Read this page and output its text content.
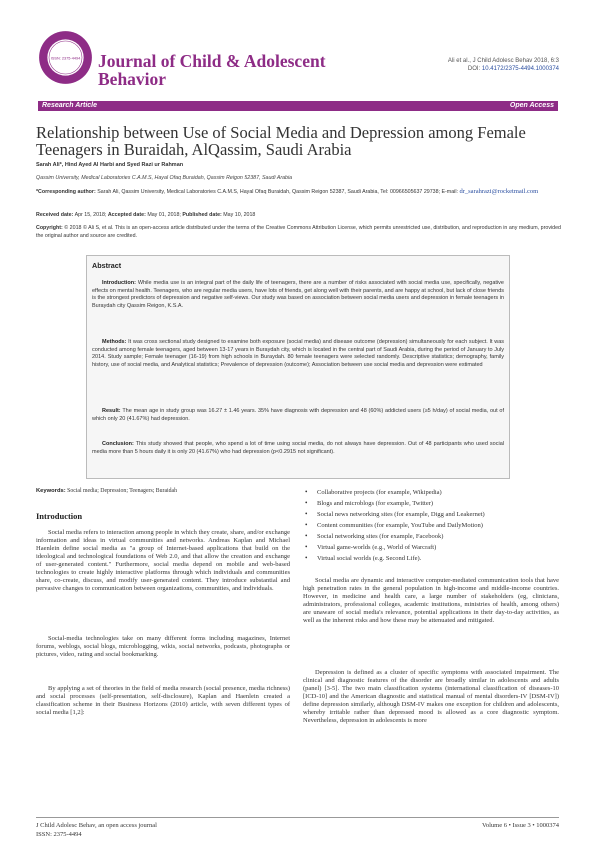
ISSN: 2375-4494 Journal of Child & Adolescent
Behavior
Ali et al., J Child Adolesc Behav 2018, 6:3
DOI: 10.4172/2375-4494.1000374
Research Article	Open Access
Relationship between Use of Social Media and Depression among Female Teenagers in Buraidah, AlQassim, Saudi Arabia
Sarah Ali*, Hind Ayed Al Harbi and Syed Razi ur Rahman
Qassim University, Medical Laboratories C.A.M.S, Hayal Ofaq Buraidah, Qassim Reigon 52387, Saudi Arabia
*Corresponding author: Sarah Ali, Qassim University, Medical Laboratories C.A.M.S, Hayal Ofaq Buraidah, Qassim Reigon 52387, Saudi Arabia, Tel: 00966505637 29738; E-mail: dr_sarahrazi@rocketmail.com
Received date: Apr 15, 2018; Accepted date: May 01, 2018; Published date: May 10, 2018
Copyright: © 2018 © Ali S, et al. This is an open-access article distributed under the terms of the Creative Commons Attribution License, which permits unrestricted use, distribution, and reproduction in any medium, provided the original author and source are credited.
Abstract

Introduction: While media use is an integral part of the daily life of teenagers, there are a number of risks associated with social media use, specifically, negative effects on mental health. Teenagers, who are regular media users, have lots of friends, get along well with their parents, and are happy at school, but lack of close friends is the strongest predictors of depression and negative self-views. Our study was based on association between social media users and depression in female teenagers in Buraydah city Qassim Reigon, K.S.A.

Methods: It was cross sectional study designed to examine both exposure (social media) and disease outcome (depression) simultaneously for each subject. It was conducted among female teenagers, aged between 13-17 years in Buraydah city, which is located in the central part of Saudi Arabia, during the period of January to July 2014. Study sample; Female teenager (16-19) from high schools in Buraydah. 80 female teenagers were selected randomly. Descriptive statistics; demography, family history, use of social media, and Analytical statistics; Prevalence of depression (outcome); Association between use social media and depression were estimated

Result: The mean age in study group was 16.27 ± 1.46 years. 35% have diagnosis with depression and 48 (60%) addicted users (≥5 h/day) of social media, out of which only 20 (41.67%) had depression.

Conclusion: This study showed that people, who spend a lot of time using social media, do not always have depression. Out of 48 participants who used social media more than 5 hours daily it is only 20 (41.67%) who had depression (p<0.2915 not significant).

Keywords: Social media; Depression; Teenagers; Buraidah
Introduction

Social media refers to interaction among people in which they create, share, and/or exchange information and ideas in virtual communities and networks. Andreas Kaplan and Michael Haenlein define social media as "a group of Internet-based applications that build on the ideological and technological foundations of Web 2.0, and that allow the creation and exchange of user-generated content." Furthermore, social media depend on mobile and web-based technologies to create highly interactive platforms through which individuals and communities share, co-create, discuss, and modify user-generated content. They introduce substantial and pervasive changes to communication between organizations, communities, and individuals.

Social-media technologies take on many different forms including magazines, Internet forums, weblogs, social blogs, microblogging, wikis, social networks, podcasts, photographs or pictures, video, rating and social bookmarking.

By applying a set of theories in the field of media research (social presence, media richness) and social processes (self-presentation, self-disclosure), Kaplan and Haenlein created a classification scheme in their Business Horizons (2010) article, with seven different types of social media [1,2]:

• Collaborative projects (for example, Wikipedia)
• Blogs and microblogs (for example, Twitter)
• Social news networking sites (for example, Digg and Leakernet)
• Content communities (for example, YouTube and DailyMotion)
• Social networking sites (for example, Facebook)
• Virtual game-worlds (e.g., World of Warcraft)
• Virtual social worlds (e.g. Second Life).

Social media are dynamic and interactive computer-mediated communication tools that have high penetration rates in the general population in high-income and middle-income countries. However, in medicine and health care, a large number of stakeholders (eg, clinicians, administrators, professional colleges, academic institutions, ministries of health, among others) are unaware of social media's relevance, potential applications in their day-to-day activities, as well as the inherent risks and how these may be attenuated and mitigated.

Depression is defined as a cluster of specific symptoms with associated impairment. The clinical and diagnostic features of the disorder are broadly similar in adolescents and adults (panel) [3-5]. The two main classification systems (international classification of diseases-10 [ICD-10] and the American diagnostic and statistical manual of mental disorders-IV [DSM-IV]) define depression similarly, although DSM-IV makes one exception for children and adolescents, whereby irritable rather than depressed mood is allowed as a core diagnostic symptom. Nevertheless, depression in adolescents is more

J Child Adolesc Behav, an open access journal
ISSN: 2375-4494
Volume 6 • Issue 3 • 1000374
